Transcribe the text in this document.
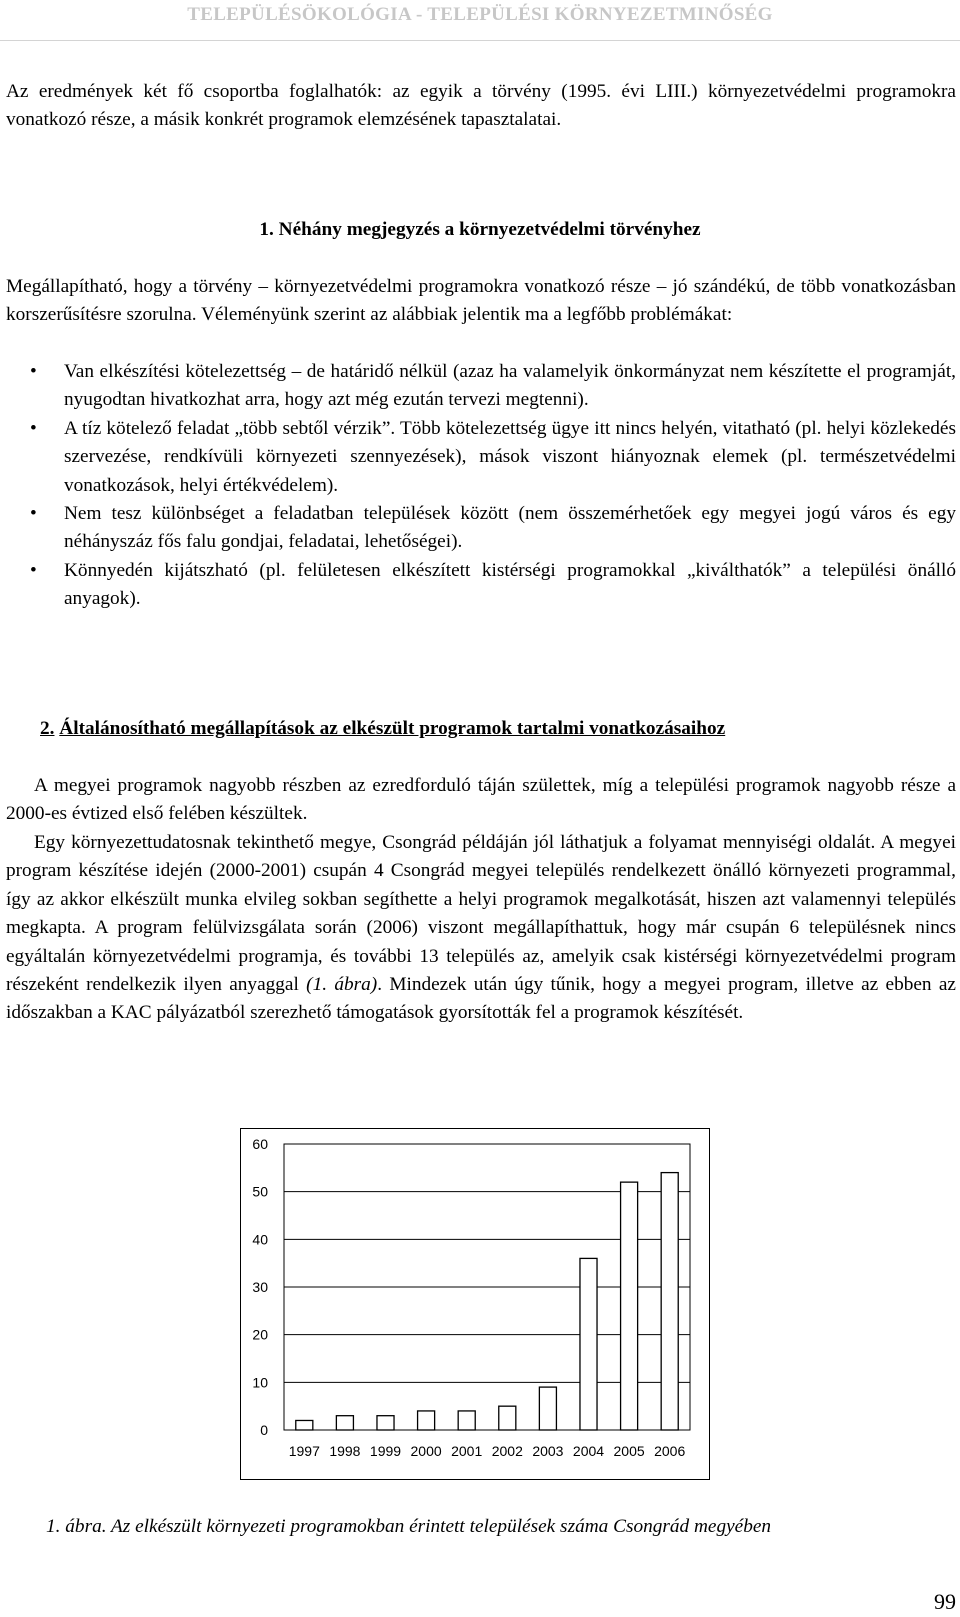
TELEPÜLÉSÖKOLÓGIA - TELEPÜLÉSI KÖRNYEZETMINŐSÉG

Az eredmények két fő csoportba foglalhatók: az egyik a törvény (1995. évi LIII.) környezetvédelmi programokra vonatkozó része, a másik konkrét programok elemzésének tapasztalatai.

1. Néhány megjegyzés a környezetvédelmi törvényhez

Megállapítható, hogy a törvény – környezetvédelmi programokra vonatkozó része – jó szándékú, de több vonatkozásban korszerűsítésre szorulna. Véleményünk szerint az alábbiak jelentik ma a legfőbb problémákat:

• Van elkészítési kötelezettség – de határidő nélkül (azaz ha valamelyik önkormányzat nem készítette el programját, nyugodtan hivatkozhat arra, hogy azt még ezután tervezi megtenni).
• A tíz kötelező feladat „több sebtől vérzik”. Több kötelezettség ügye itt nincs helyén, vitatható (pl. helyi közlekedés szervezése, rendkívüli környezeti szennyezések), mások viszont hiányoznak elemek (pl. természetvédelmi vonatkozások, helyi értékvédelem).
• Nem tesz különbséget a feladatban települések között (nem összemérhetőek egy megyei jogú város és egy néhányszáz fős falu gondjai, feladatai, lehetőségei).
• Könnyedén kijátszható (pl. felületesen elkészített kistérségi programokkal „kiválthatók” a települési önálló anyagok).
2. Általánosítható megállapítások az elkészült programok tartalmi vonatkozásaihoz

A megyei programok nagyobb részben az ezredforduló táján születtek, míg a települési programok nagyobb része a 2000-es évtized első felében készültek.

Egy környezettudatosnak tekinthető megye, Csongrád példáján jól láthatjuk a folyamat mennyiségi oldalát. A megyei program készítése idején (2000-2001) csupán 4 Csongrád megyei település rendelkezett önálló környezeti programmal, így az akkor elkészült munka elvileg sokban segíthette a helyi programok megalkotását, hiszen azt valamennyi település megkapta. A program felülvizsgálata során (2006) viszont megállapíthattuk, hogy már csupán 6 településnek nincs egyáltalán környezetvédelmi programja, és további 13 település az, amelyik csak kistérségi környezetvédelmi program részeként rendelkezik ilyen anyaggal (1. ábra). Mindezek után úgy tűnik, hogy a megyei program, illetve az ebben az időszakban a KAC pályázatból szerezhető támogatások gyorsították fel a programok készítését.

0
10
20
30
40
50
60
1997 1998 1999 2000 2001 2002 2003 2004 2005 2006

1. ábra. Az elkészült környezeti programokban érintett települések száma Csongrád megyében

99
